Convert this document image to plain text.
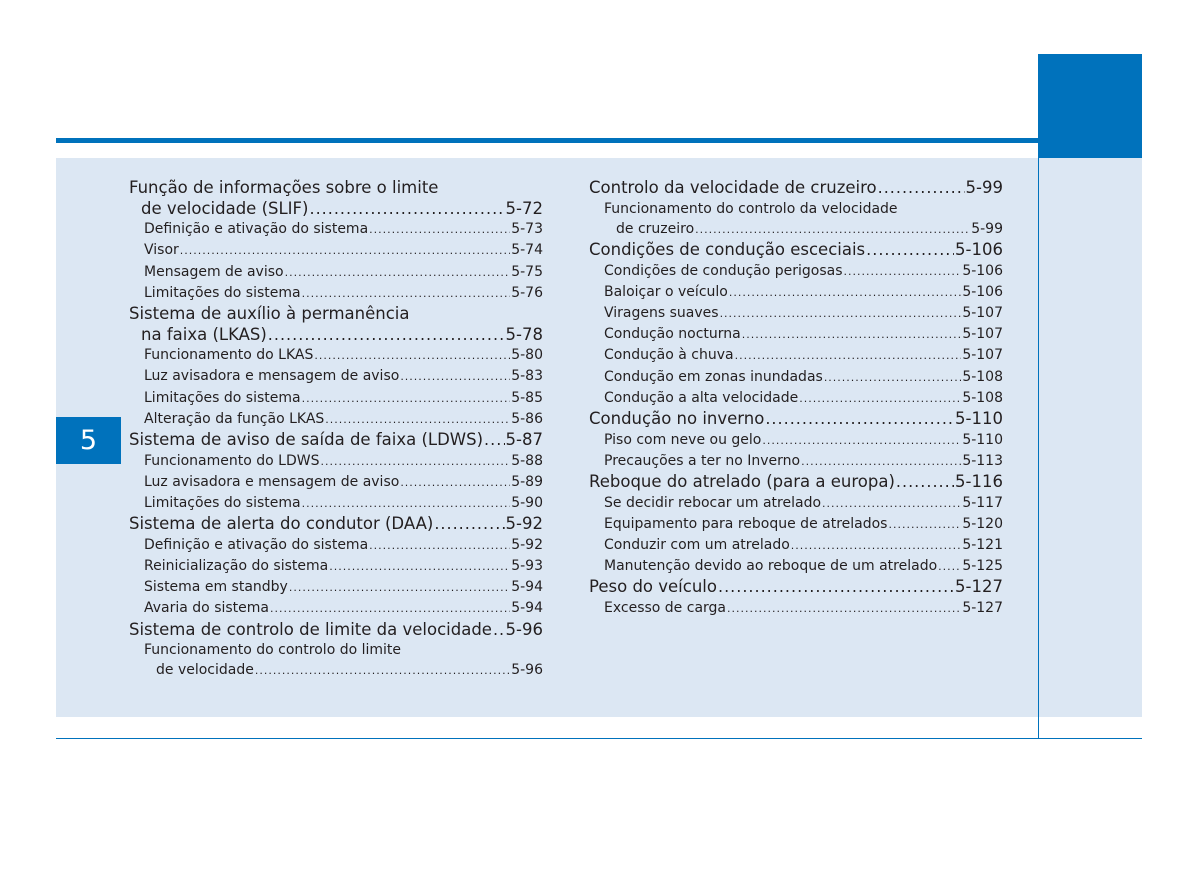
5
Função de informações sobre o limite
de velocidade (SLIF) .....	5-72
Definição e ativação do sistema .....	5-73
Visor .....	5-74
Mensagem de aviso .....	5-75
Limitações do sistema .....	5-76
Sistema de auxílio à permanência
na faixa (LKAS) .....	5-78
Funcionamento do LKAS .....	5-80
Luz avisadora e mensagem de aviso .....	5-83
Limitações do sistema .....	5-85
Alteração da função LKAS .....	5-86
Sistema de aviso de saída de faixa (LDWS) ..... 5-87
Funcionamento do LDWS .....	5-88
Luz avisadora e mensagem de aviso .....	5-89
Limitações do sistema .....	5-90
Sistema de alerta do condutor (DAA) .....	5-92
Definição e ativação do sistema .....	5-92
Reinicialização do sistema .....	5-93
Sistema em standby .....	5-94
Avaria do sistema .....	5-94
Sistema de controlo de limite da velocidade ..... 5-96
Funcionamento do controlo do limite
de velocidade .....	5-96
Controlo da velocidade de cruzeiro .....	5-99
Funcionamento do controlo da velocidade
de cruzeiro .....	5-99
Condições de condução esceciais .....	5-106
Condições de condução perigosas .....	5-106
Baloiçar o veículo .....	5-106
Viragens suaves .....	5-107
Condução nocturna .....	5-107
Condução à chuva .....	5-107
Condução em zonas inundadas .....	5-108
Condução a alta velocidade .....	5-108
Condução no inverno .....	5-110
Piso com neve ou gelo .....	5-110
Precauções a ter no Inverno .....	5-113
Reboque do atrelado (para a europa) .....	5-116
Se decidir rebocar um atrelado .....	5-117
Equipamento para reboque de atrelados .....	5-120
Conduzir com um atrelado .....	5-121
Manutenção devido ao reboque de um atrelado ..... 5-125
Peso do veículo .....	5-127
Excesso de carga .....	5-127
